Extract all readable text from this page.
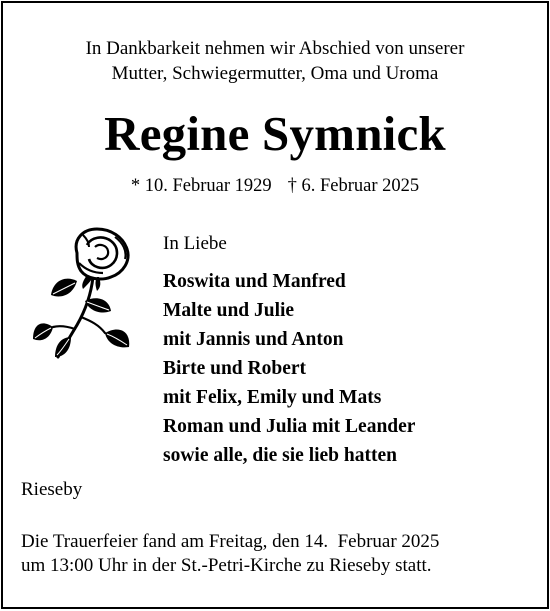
In Dankbarkeit nehmen wir Abschied von unserer
Mutter, Schwiegermutter, Oma und Uroma
Regine Symnick
* 10. Februar 1929 † 6. Februar 2025
In Liebe
Roswita und Manfred
Malte und Julie
mit Jannis und Anton
Birte und Robert
mit Felix, Emily und Mats
Roman und Julia mit Leander
sowie alle, die sie lieb hatten
Rieseby
Die Trauerfeier fand am Freitag, den 14.  Februar 2025
um 13:00 Uhr in der St.-Petri-Kirche zu Rieseby statt.
